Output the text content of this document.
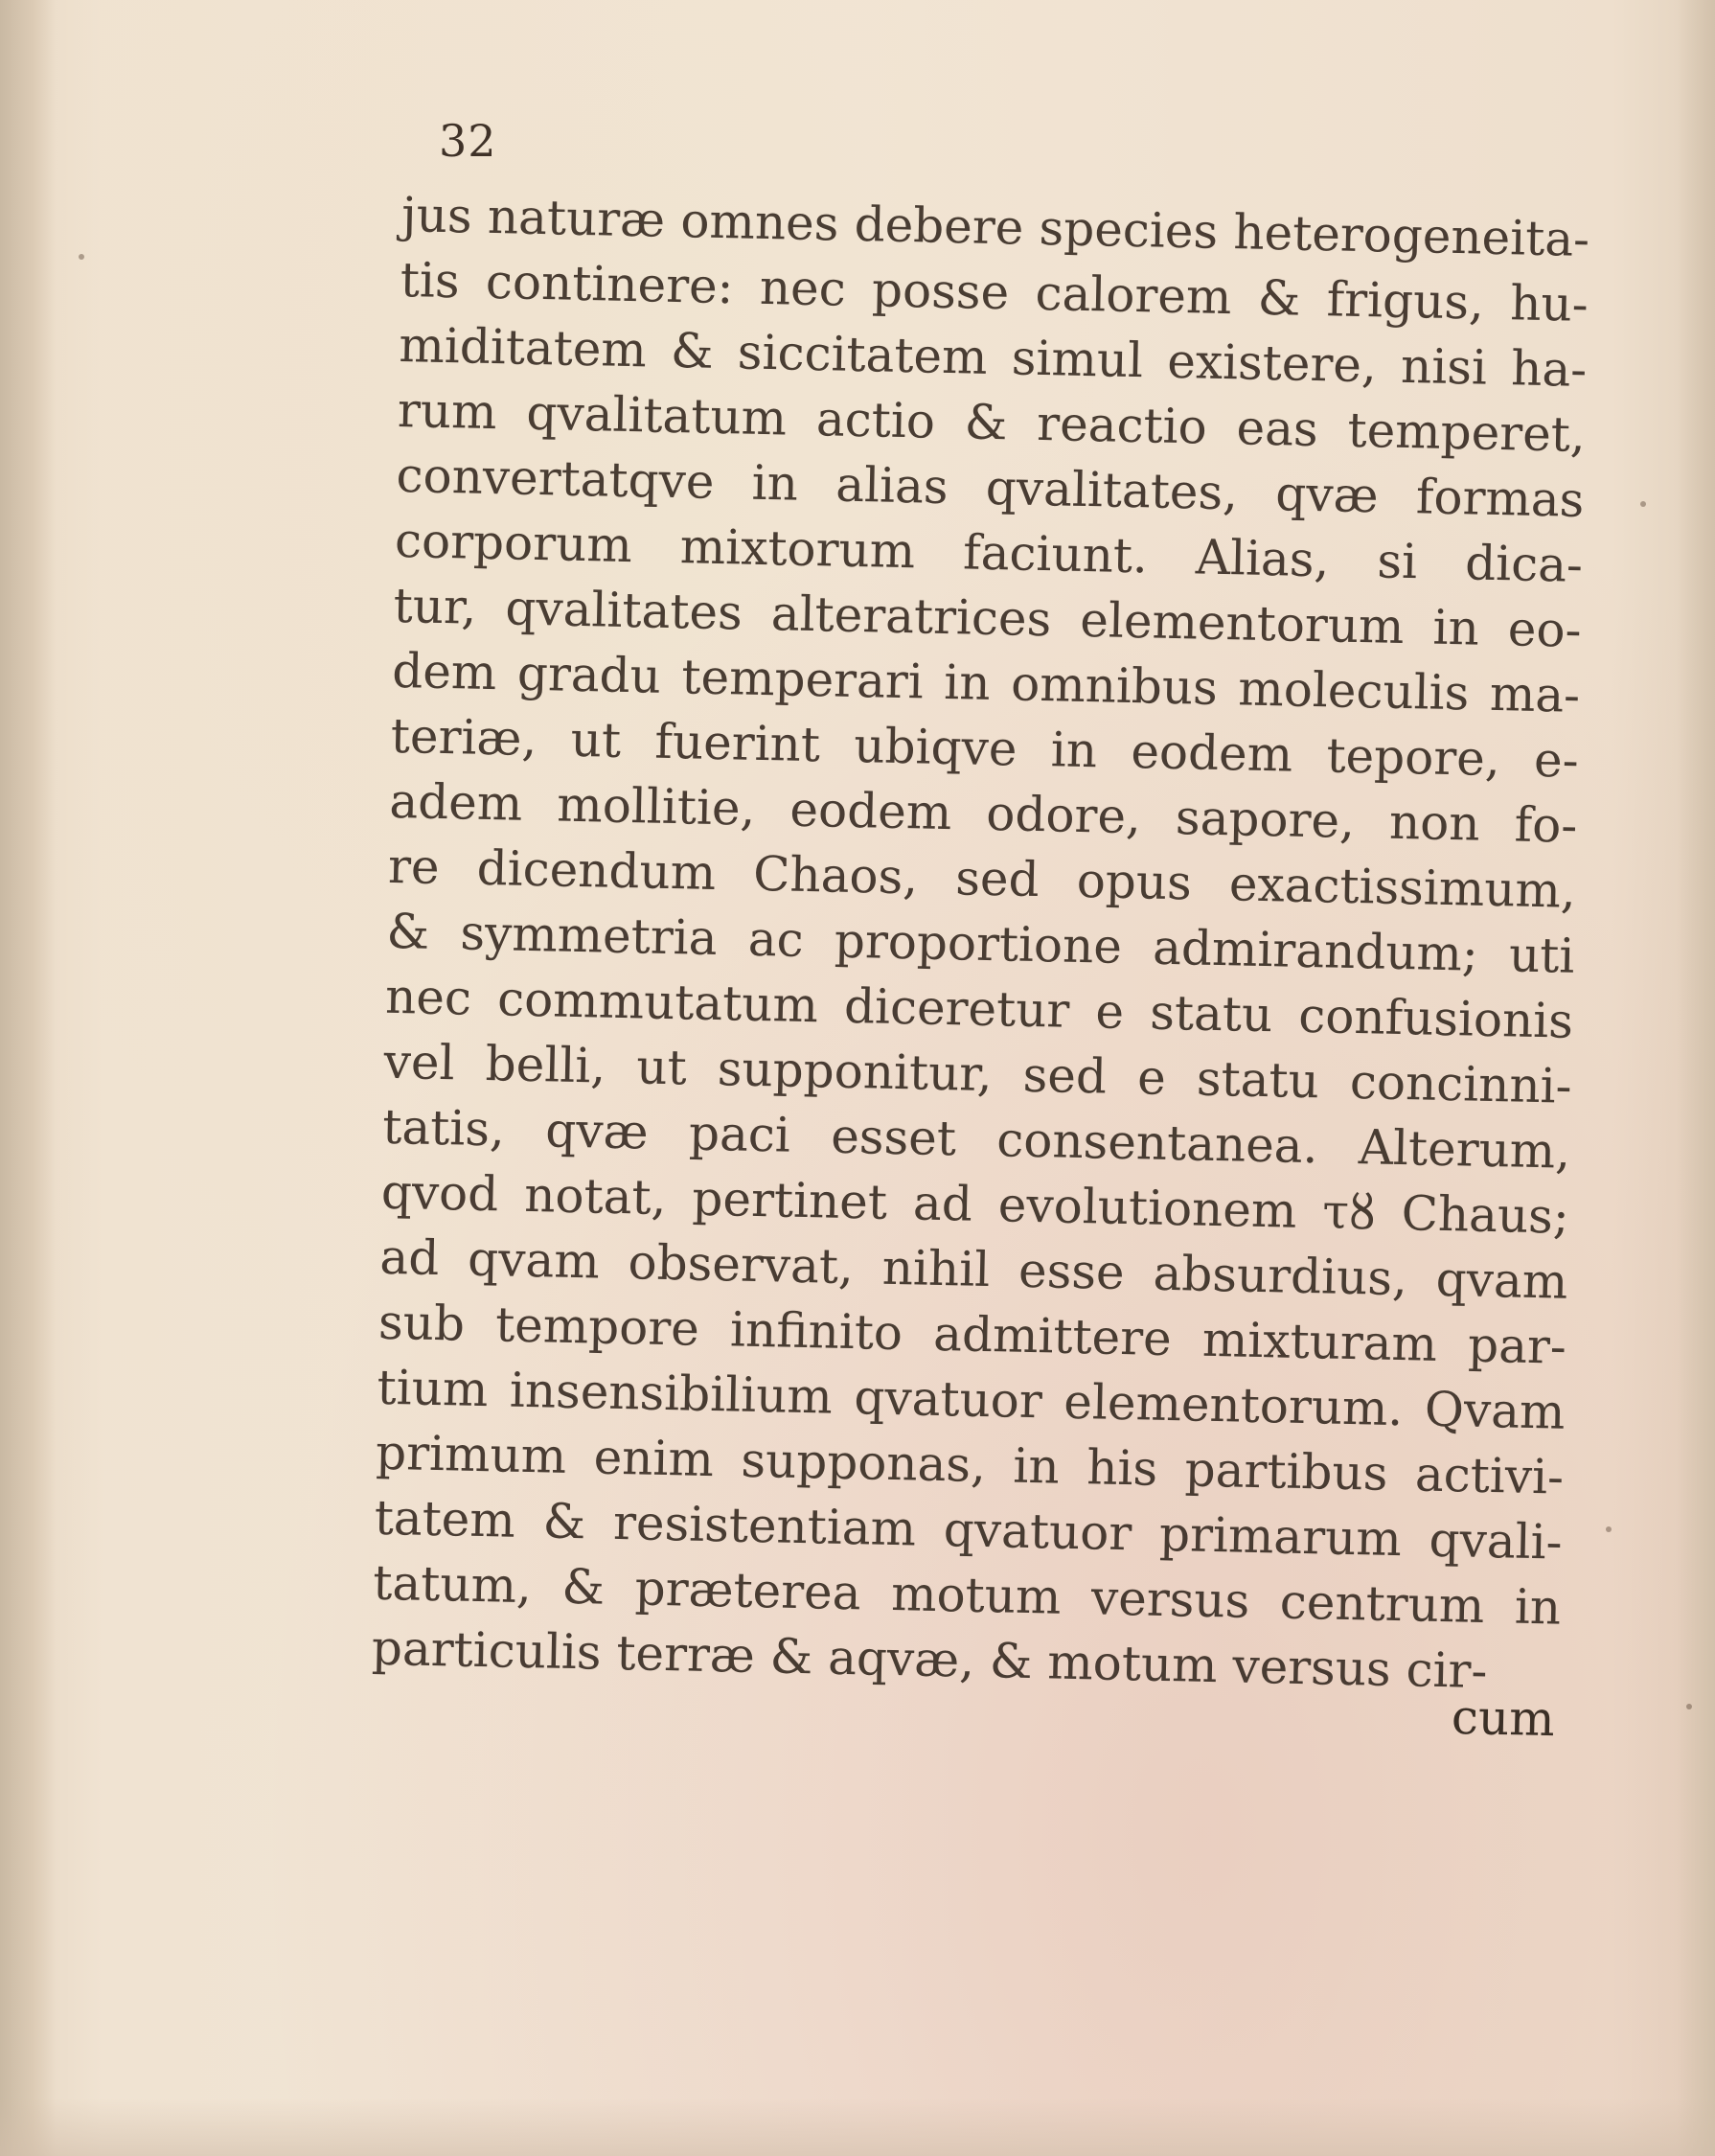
32
jus naturæ omnes debere species heterogeneita-
tis continere: nec posse calorem & frigus, hu-
miditatem & siccitatem simul existere, nisi ha-
rum qvalitatum actio & reactio eas temperet,
convertatqve in alias qvalitates, qvæ formas
corporum mixtorum faciunt. Alias, si dica-
tur, qvalitates alteratrices elementorum in eo-
dem gradu temperari in omnibus moleculis ma-
teriæ, ut fuerint ubiqve in eodem tepore, e-
adem mollitie, eodem odore, sapore, non fo-
re dicendum Chaos, sed opus exactissimum,
& symmetria ac proportione admirandum; uti
nec commutatum diceretur e statu confusionis
vel belli, ut supponitur, sed e statu concinni-
tatis, qvæ paci esset consentanea. Alterum,
qvod notat, pertinet ad evolutionem τȣ Chaus;
ad qvam observat, nihil esse absurdius, qvam
sub tempore infinito admittere mixturam par-
tium insensibilium qvatuor elementorum. Qvam
primum enim supponas, in his partibus activi-
tatem & resistentiam qvatuor primarum qvali-
tatum, & præterea motum versus centrum in
particulis terræ & aqvæ, & motum versus cir-
cum
